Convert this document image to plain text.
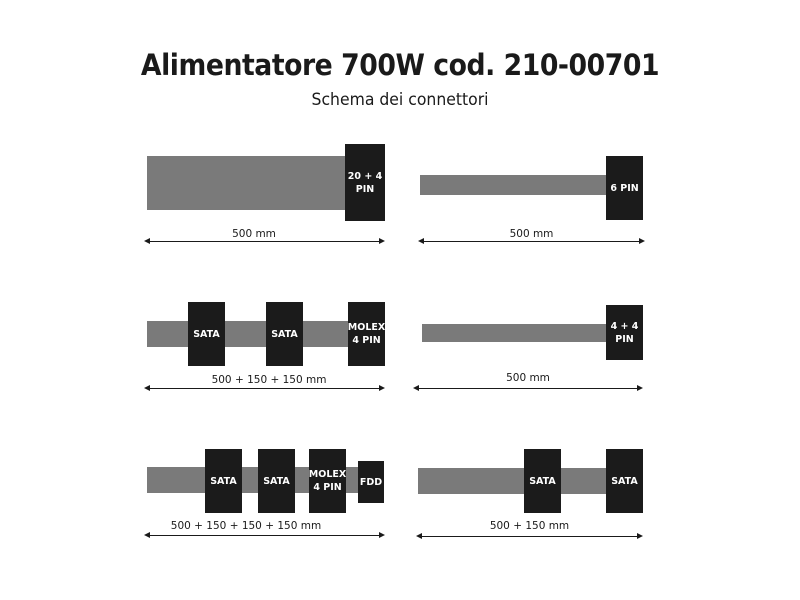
Alimentatore 700W cod. 210-00701
Schema dei connettori
20 + 4
PIN
500 mm
6 PIN
500 mm
SATA	SATA
MOLEX
4 PIN
500 + 150 + 150 mm
4 + 4
PIN
500 mm
SATA	SATA
MOLEX
4 PIN	FDD
500 + 150 + 150 + 150 mm
SATA	SATA
500 + 150 mm
